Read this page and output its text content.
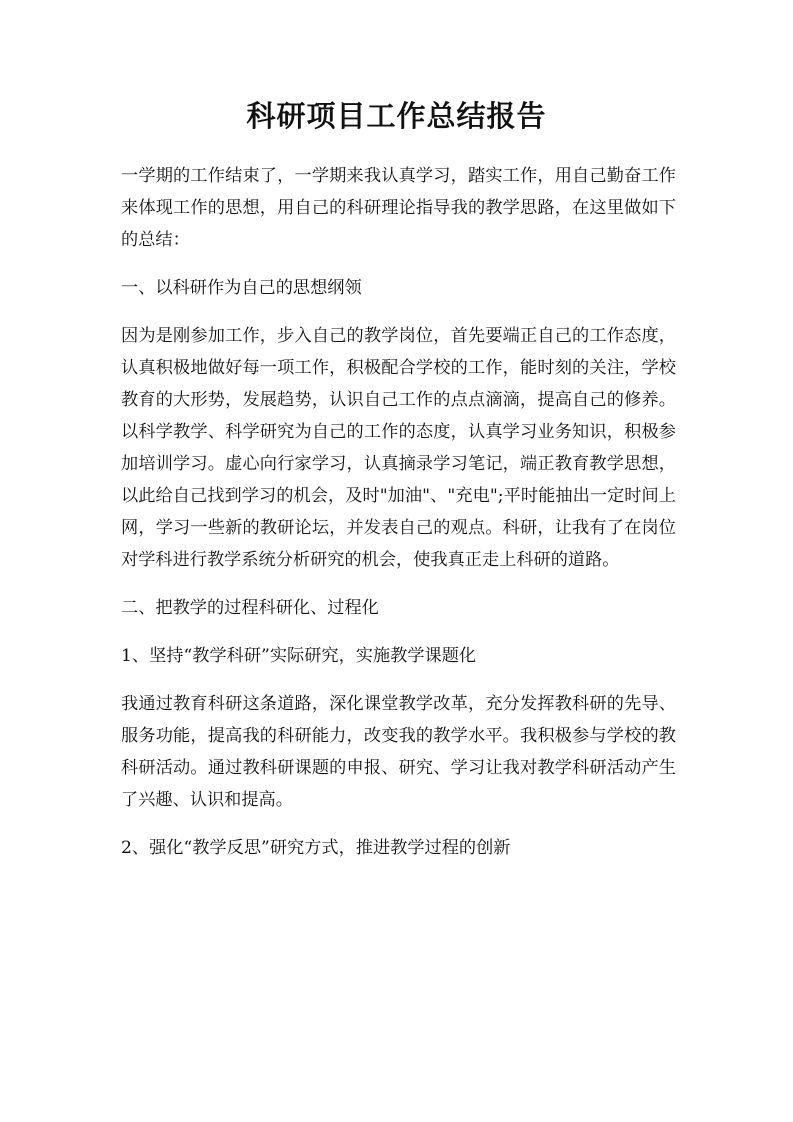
科研项目工作总结报告

一学期的工作结束了，一学期来我认真学习，踏实工作，用自己勤奋工作来体现工作的思想，用自己的科研理论指导我的教学思路，在这里做如下的总结：

一、以科研作为自己的思想纲领

因为是刚参加工作，步入自己的教学岗位，首先要端正自己的工作态度，认真积极地做好每一项工作，积极配合学校的工作，能时刻的关注，学校教育的大形势，发展趋势，认识自己工作的点点滴滴，提高自己的修养。以科学教学、科学研究为自己的工作的态度，认真学习业务知识，积极参加培训学习。虚心向行家学习，认真摘录学习笔记，端正教育教学思想，以此给自己找到学习的机会，及时"加油"、"充电";平时能抽出一定时间上网，学习一些新的教研论坛，并发表自己的观点。科研，让我有了在岗位对学科进行教学系统分析研究的机会，使我真正走上科研的道路。

二、把教学的过程科研化、过程化

1、坚持“教学科研”实际研究，实施教学课题化

我通过教育科研这条道路，深化课堂教学改革，充分发挥教科研的先导、服务功能，提高我的科研能力，改变我的教学水平。我积极参与学校的教科研活动。通过教科研课题的申报、研究、学习让我对教学科研活动产生了兴趣、认识和提高。

2、强化“教学反思”研究方式，推进教学过程的创新
